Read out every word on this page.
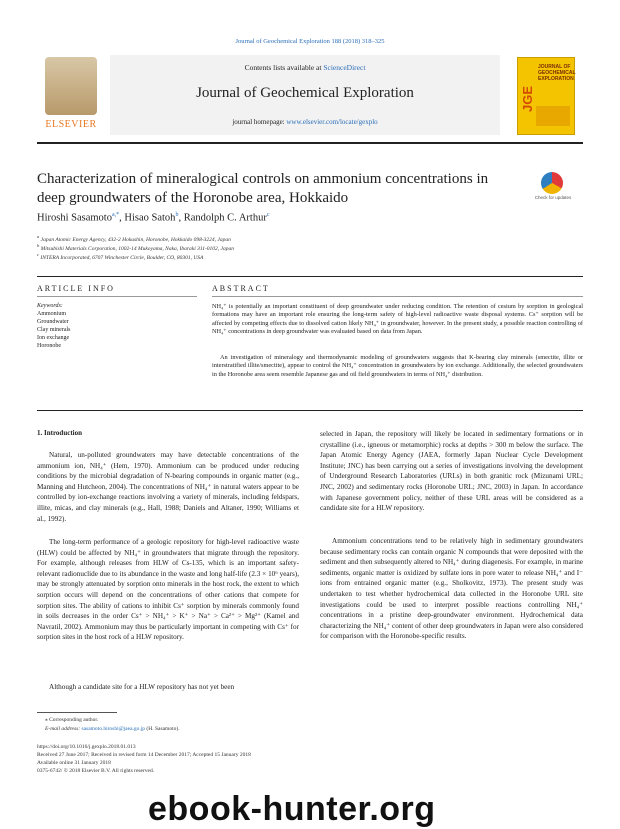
Journal of Geochemical Exploration 188 (2018) 318–325
ELSEVIER
Contents lists available at ScienceDirect
Journal of Geochemical Exploration
journal homepage: www.elsevier.com/locate/gexplo
JOURNAL OF GEOCHEMICAL EXPLORATION
JGE
Characterization of mineralogical controls on ammonium concentrations in deep groundwaters of the Horonobe area, Hokkaido	Check for updates
Hiroshi Sasamoto$^{a,*}$, Hisao Satoh$^b$, Randolph C. Arthur$^c$
$^a$ Japan Atomic Energy Agency, 432-2 Hokushin, Horonobe, Hokkaido 098-3224, Japan
$^b$ Mitsubishi Materials Corporation, 1002-14 Mukoyama, Naka, Ibaraki 311-0102, Japan
$^c$ INTERA Incorporated, 6707 Winchester Circle, Boulder, CO, 80301, USA
ARTICLE INFO
Keywords:
Ammonium
Groundwater
Clay minerals
Ion exchange
Horonobe
ABSTRACT
NH₄⁺ is potentially an important constituent of deep groundwater under reducing condition. The retention of cesium by sorption in geological formations may have an important role ensuring the long-term safety of high-level radioactive waste disposal systems. Cs⁺ sorption will be affected by competing effects due to dissolved cation likely NH₄⁺ in groundwater, however. In the present study, a possible reaction controlling of NH₄⁺ concentrations in deep groundwater was evaluated based on data from Japan.
An investigation of mineralogy and thermodynamic modeling of groundwaters suggests that K-bearing clay minerals (smectite, illite or interstratified illite/smectite), appear to control the NH₄⁺ concentration in groundwaters by ion exchange. Additionally, the selected groundwaters in the Horonobe area seem resemble Japanese gas and oil field groundwaters in terms of NH₄⁺ distribution.
1. Introduction
Natural, un-polluted groundwaters may have detectable concentrations of the ammonium ion, NH₄⁺ (Hem, 1970). Ammonium can be produced under reducing conditions by the microbial degradation of N-bearing compounds in organic matter (e.g., Manning and Hutcheon, 2004). The concentrations of NH₄⁺ in natural waters appear to be controlled by ion-exchange reactions involving a variety of minerals, including feldspars, illite, micas, and clay minerals (e.g., Hall, 1988; Daniels and Altaner, 1990; Williams et al., 1992).
The long-term performance of a geologic repository for high-level radioactive waste (HLW) could be affected by NH₄⁺ in groundwaters that migrate through the repository. For example, although releases from HLW of Cs-135, which is an important safety-relevant radionuclide due to its abundance in the waste and long half-life (2.3 × 10⁶ years), may be strongly attenuated by sorption onto minerals in the host rock, the extent to which sorption occurs will depend on the concentrations of other cations that compete for sorption sites. The ability of cations to inhibit Cs⁺ sorption by minerals commonly found in soils decreases in the order Cs⁺ > NH₄⁺ > K⁺ > Na⁺ > Ca²⁺ > Mg²⁺ (Kamel and Navratil, 2002). Ammonium may thus be particularly important in competing with Cs⁺ for sorption sites in the host rock of a HLW repository.
Although a candidate site for a HLW repository has not yet been
selected in Japan, the repository will likely be located in sedimentary formations or in crystalline (i.e., igneous or metamorphic) rocks at depths > 300 m below the surface. The Japan Atomic Energy Agency (JAEA, formerly Japan Nuclear Cycle Development Institute; JNC) has been carrying out a series of investigations involving the development of Underground Research Laboratories (URLs) in both granitic rock (Mizunami URL; JNC, 2002) and sedimentary rocks (Horonobe URL; JNC, 2003) in Japan. In accordance with Japanese government policy, neither of these URL areas will be considered as a candidate site for a HLW repository.
Ammonium concentrations tend to be relatively high in sedimentary groundwaters because sedimentary rocks can contain organic N compounds that were deposited with the sediment and then subsequently altered to NH₄⁺ during diagenesis. For example, in marine sediments, organic matter is oxidized by sulfate ions in pore water to release NH₄⁺ and I⁻ ions from entrained organic matter (e.g., Sholkovitz, 1973). The present study was undertaken to test whether hydrochemical data collected in the Horonobe URL site investigations could be used to interpret possible reactions controlling NH₄⁺ concentrations in a pristine deep-groundwater environment. Hydrochemical data characterizing the NH₄⁺ content of other deep groundwaters in Japan were also considered for comparison with the Horonobe-specific results.
⁎ Corresponding author.
E-mail address: sasamoto.hiroshi@jaea.go.jp (H. Sasamoto).
https://doi.org/10.1016/j.gexplo.2018.01.013
Received 27 June 2017; Received in revised form 14 December 2017; Accepted 15 January 2018
Available online 31 January 2018
0375-6742/ © 2018 Elsevier B.V. All rights reserved.
ebook-hunter.org
